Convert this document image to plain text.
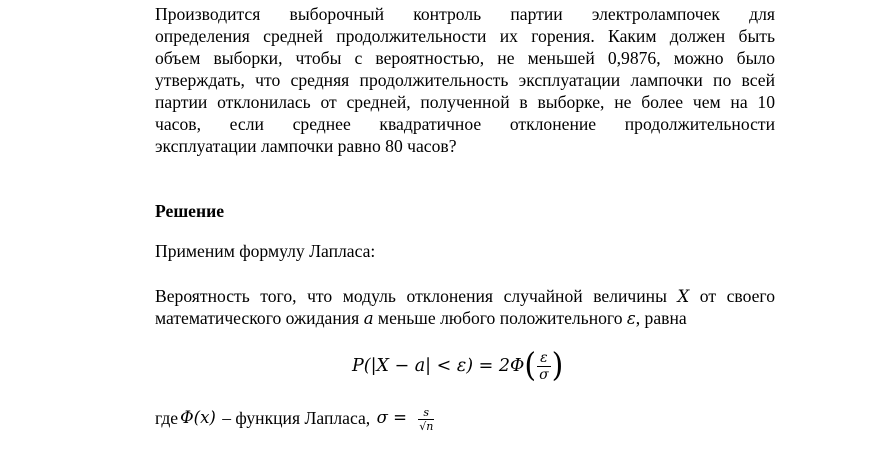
Производится выборочный контроль партии электролампочек для
определения средней продолжительности их горения. Каким должен быть
объем выборки, чтобы с вероятностью, не меньшей 0,9876, можно было
утверждать, что средняя продолжительность эксплуатации лампочки по всей
партии отклонилась от средней, полученной в выборке, не более чем на 10
часов, если среднее квадратичное отклонение продолжительности
эксплуатации лампочки равно 80 часов?
Решение
Применим формулу Лапласа:
Вероятность того, что модуль отклонения случайной величины X от своего
математического ожидания a меньше любого положительного ε, равна
P(|X − a| < ε) = 2Φ ( $\frac{\varepsilon}{\sigma}$ )
где Φ(x) – функция Лапласа, $\sigma = \frac{s}{√n}$
